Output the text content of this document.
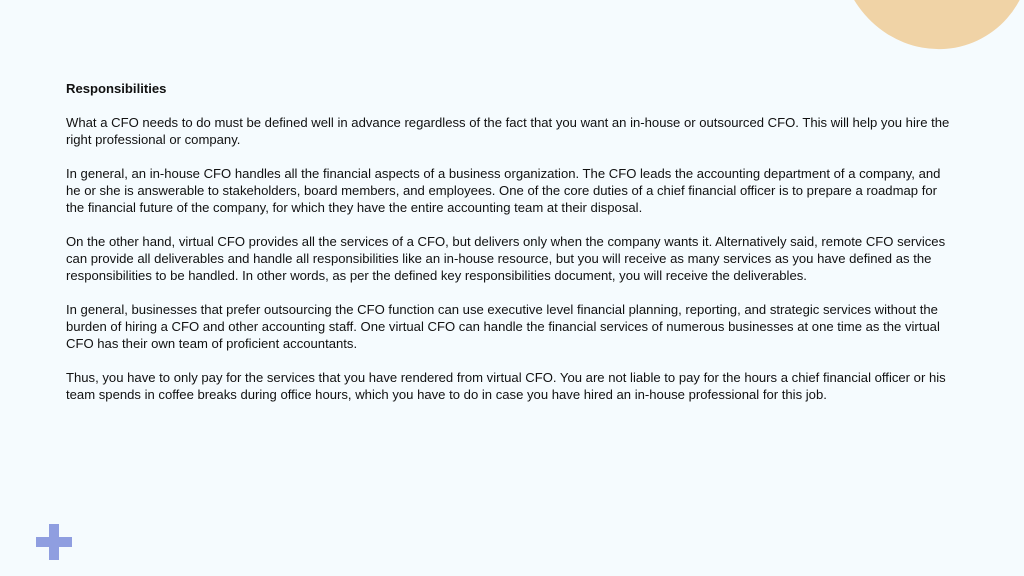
Responsibilities
What a CFO needs to do must be defined well in advance regardless of the fact that you want an in-house or outsourced CFO. This will help you hire the right professional or company.
In general, an in-house CFO handles all the financial aspects of a business organization. The CFO leads the accounting department of a company, and he or she is answerable to stakeholders, board members, and employees. One of the core duties of a chief financial officer is to prepare a roadmap for the financial future of the company, for which they have the entire accounting team at their disposal.
On the other hand, virtual CFO provides all the services of a CFO, but delivers only when the company wants it. Alternatively said, remote CFO services can provide all deliverables and handle all responsibilities like an in-house resource, but you will receive as many services as you have defined as the responsibilities to be handled. In other words, as per the defined key responsibilities document, you will receive the deliverables.
In general, businesses that prefer outsourcing the CFO function can use executive level financial planning, reporting, and strategic services without the burden of hiring a CFO and other accounting staff. One virtual CFO can handle the financial services of numerous businesses at one time as the virtual CFO has their own team of proficient accountants.
Thus, you have to only pay for the services that you have rendered from virtual CFO. You are not liable to pay for the hours a chief financial officer or his team spends in coffee breaks during office hours, which you have to do in case you have hired an in-house professional for this job.
